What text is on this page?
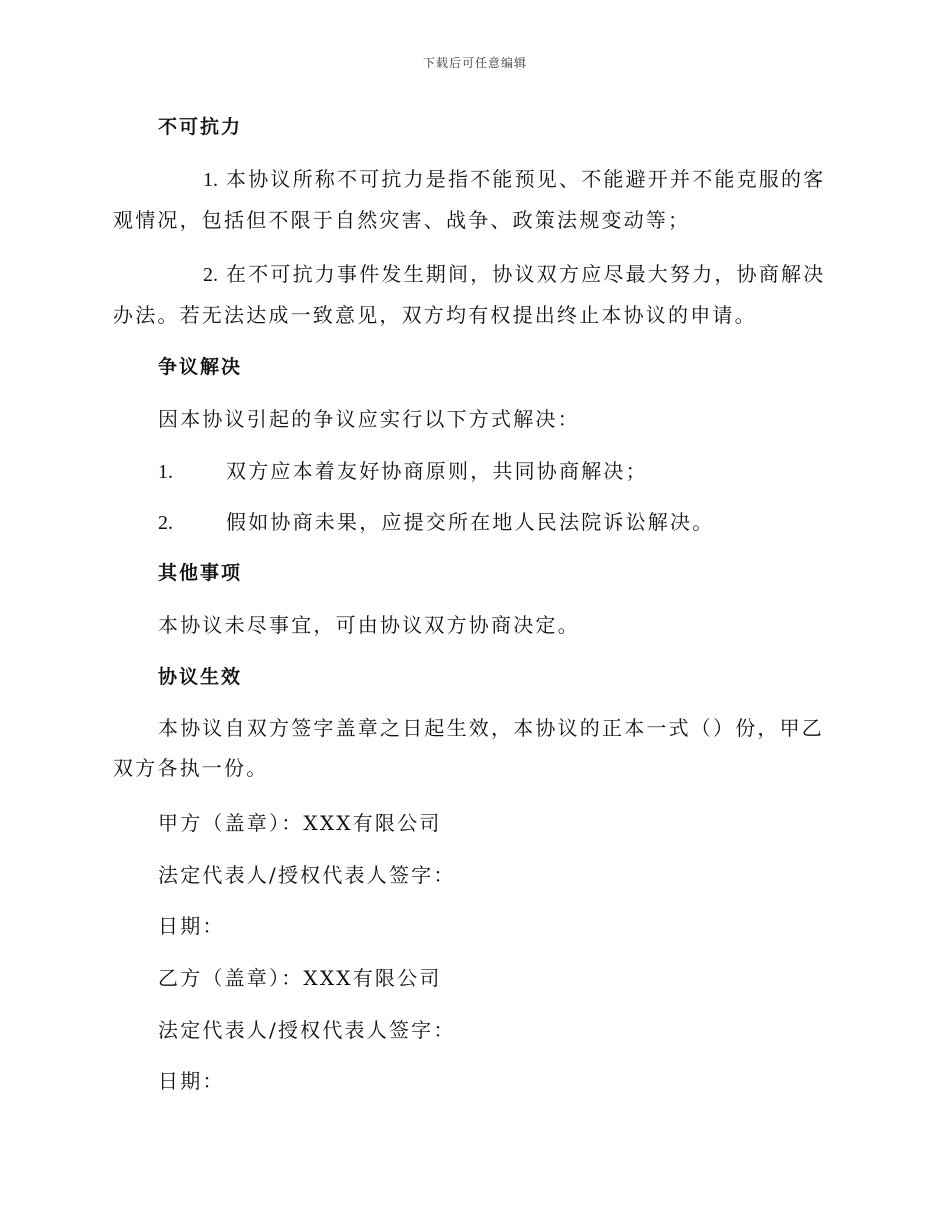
下载后可任意编辑

不可抗力

1. 本协议所称不可抗力是指不能预见、不能避开并不能克服的客观情况，包括但不限于自然灾害、战争、政策法规变动等；

2. 在不可抗力事件发生期间，协议双方应尽最大努力，协商解决办法。若无法达成一致意见，双方均有权提出终止本协议的申请。

争议解决

因本协议引起的争议应实行以下方式解决：

1.	双方应本着友好协商原则，共同协商解决；

2.	假如协商未果，应提交所在地人民法院诉讼解决。

其他事项

本协议未尽事宜，可由协议双方协商决定。

协议生效

本协议自双方签字盖章之日起生效，本协议的正本一式（）份，甲乙双方各执一份。

甲方（盖章）：XXX有限公司

法定代表人/授权代表人签字：

日期：

乙方（盖章）：XXX有限公司

法定代表人/授权代表人签字：

日期：
